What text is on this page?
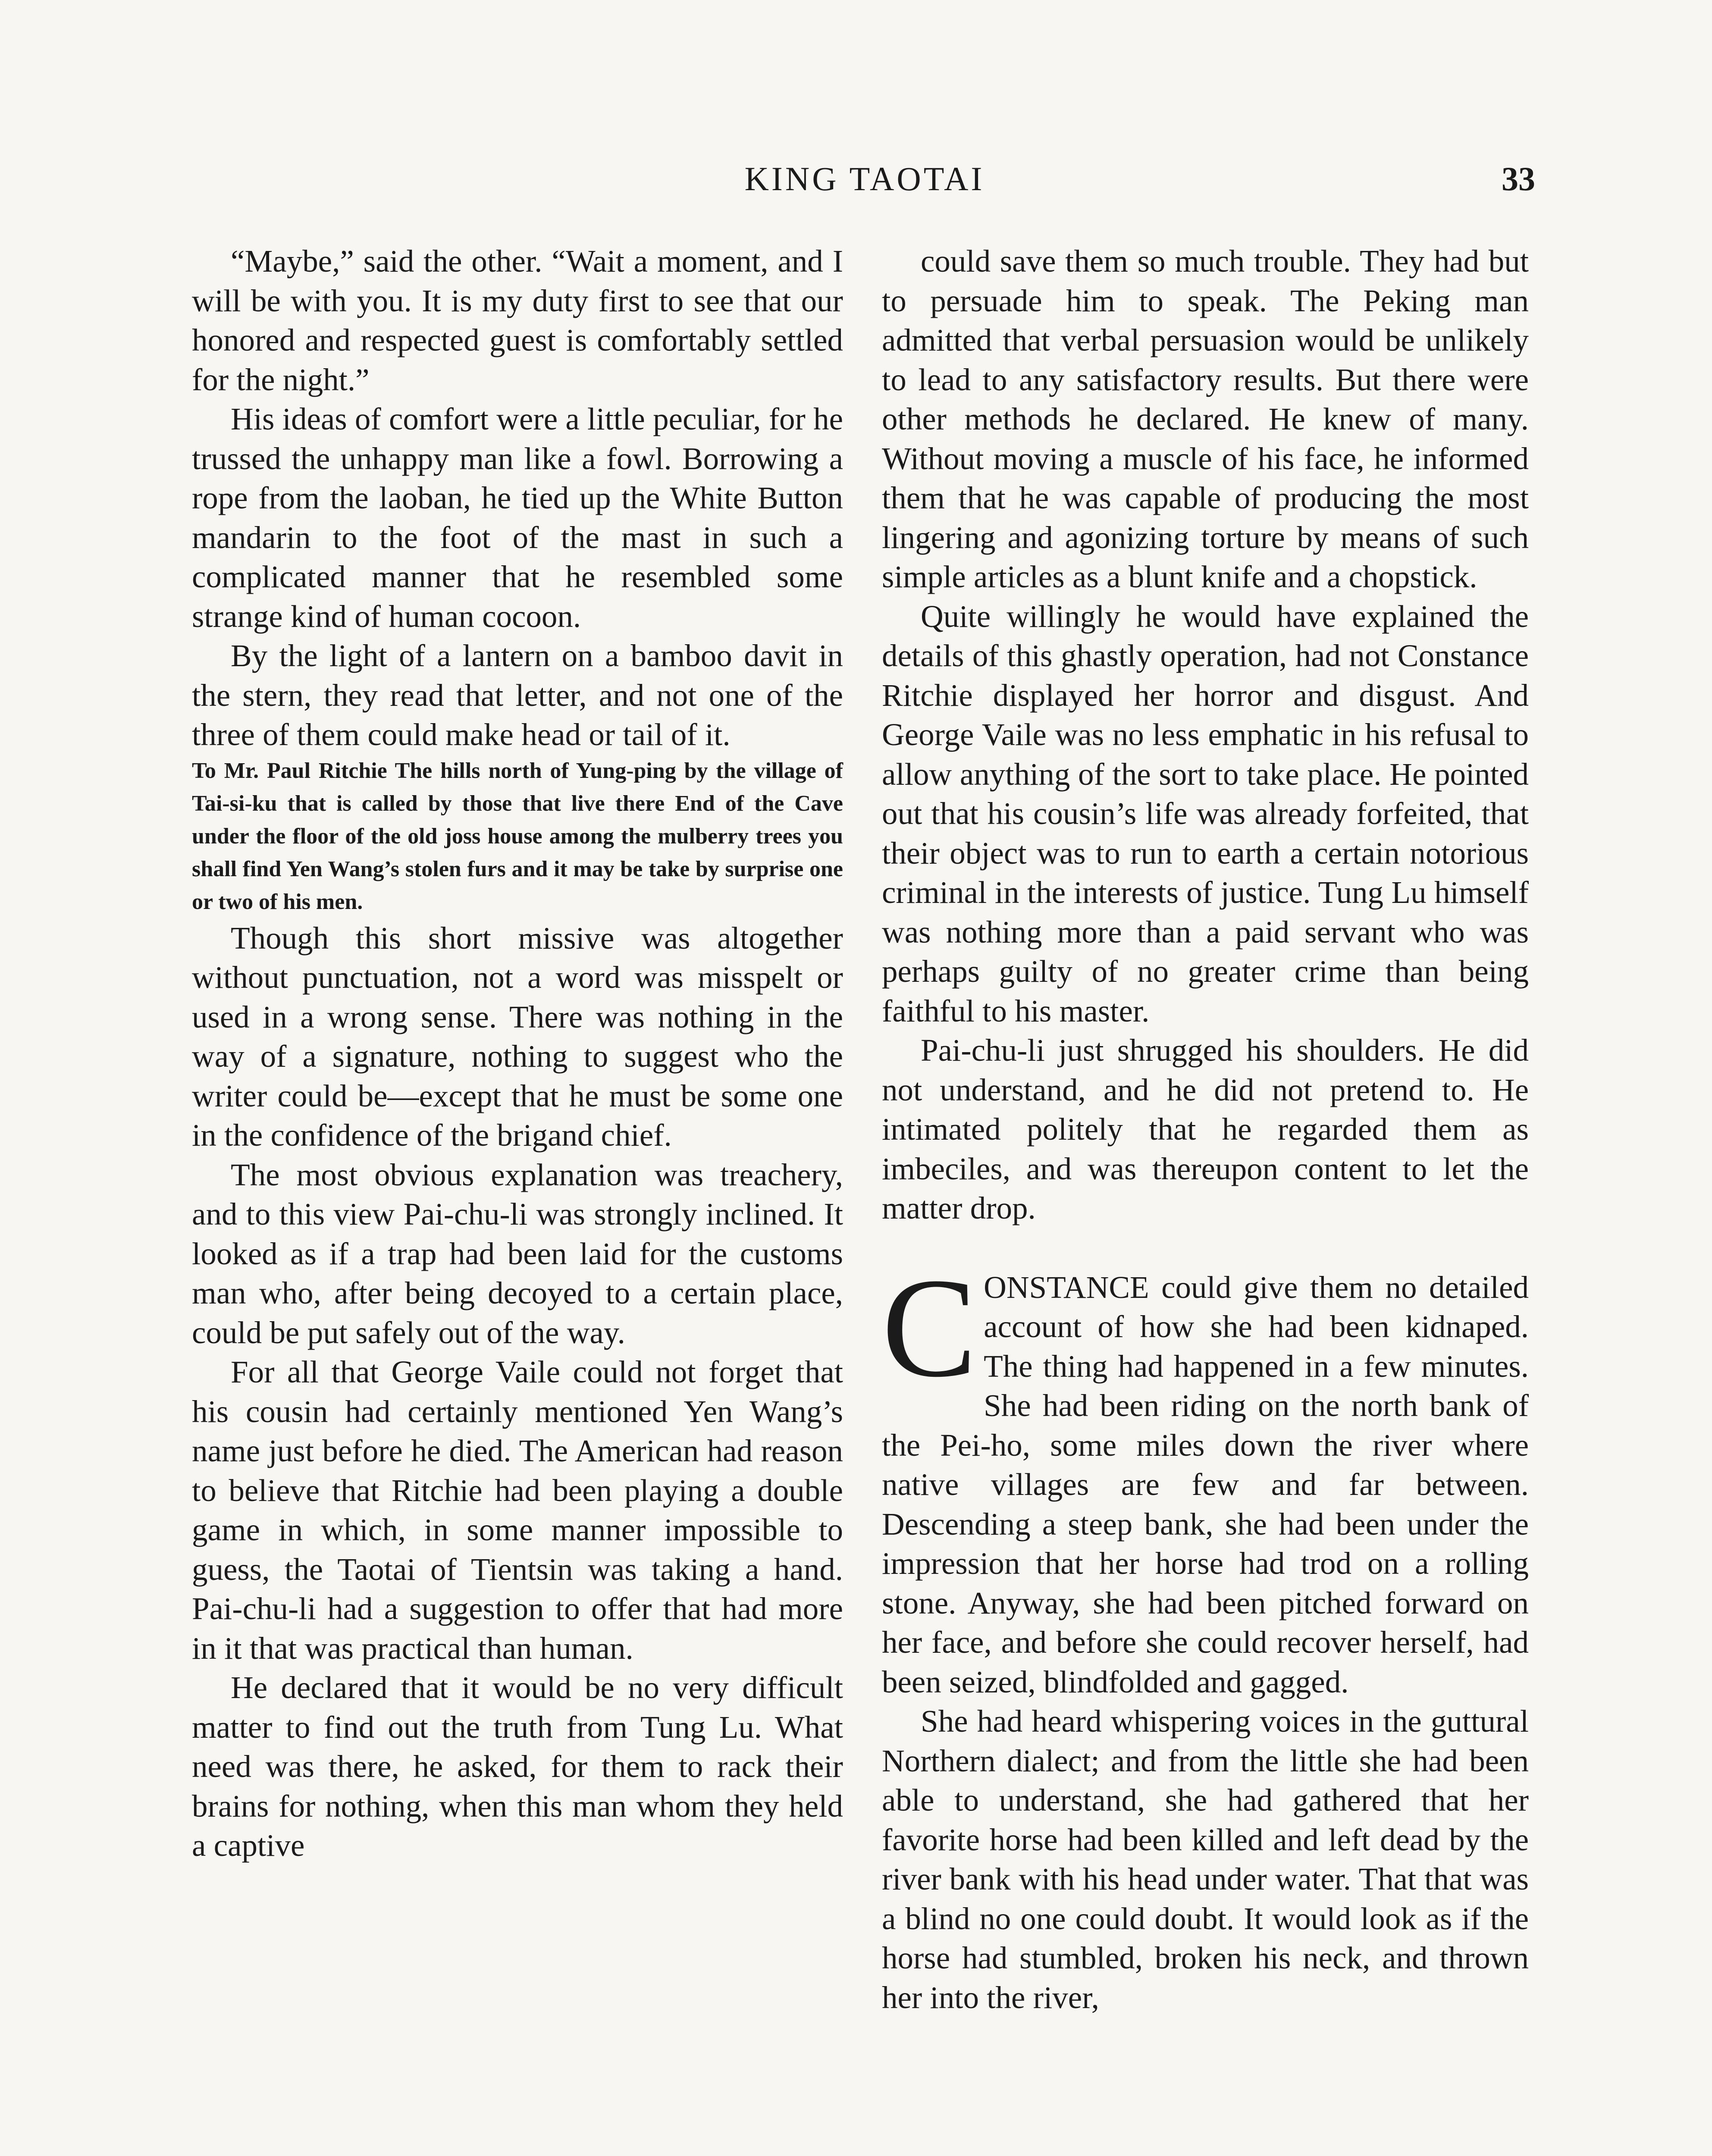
KING TAOTAI	33

“Maybe,” said the other. “Wait a moment, and I will be with you. It is my duty first to see that our honored and respected guest is comfortably settled for the night.”

His ideas of comfort were a little peculiar, for he trussed the unhappy man like a fowl. Borrowing a rope from the laoban, he tied up the White Button mandarin to the foot of the mast in such a complicated manner that he resembled some strange kind of human cocoon.

By the light of a lantern on a bamboo davit in the stern, they read that letter, and not one of the three of them could make head or tail of it.

To Mr. Paul Ritchie The hills north of Yung-ping by the village of Tai-si-ku that is called by those that live there End of the Cave under the floor of the old joss house among the mulberry trees you shall find Yen Wang’s stolen furs and it may be take by surprise one or two of his men.

Though this short missive was altogether without punctuation, not a word was misspelt or used in a wrong sense. There was nothing in the way of a signature, nothing to suggest who the writer could be—except that he must be some one in the confidence of the brigand chief.

The most obvious explanation was treachery, and to this view Pai-chu-li was strongly inclined. It looked as if a trap had been laid for the customs man who, after being decoyed to a certain place, could be put safely out of the way.

For all that George Vaile could not forget that his cousin had certainly mentioned Yen Wang’s name just before he died. The American had reason to believe that Ritchie had been playing a double game in which, in some manner impossible to guess, the Taotai of Tientsin was taking a hand. Pai-chu-li had a suggestion to offer that had more in it that was practical than human.

He declared that it would be no very difficult matter to find out the truth from Tung Lu. What need was there, he asked, for them to rack their brains for nothing, when this man whom they held a captive

could save them so much trouble. They had but to persuade him to speak. The Peking man admitted that verbal persuasion would be unlikely to lead to any satisfactory results. But there were other methods he declared. He knew of many. Without moving a muscle of his face, he informed them that he was capable of producing the most lingering and agonizing torture by means of such simple articles as a blunt knife and a chopstick.

Quite willingly he would have explained the details of this ghastly operation, had not Constance Ritchie displayed her horror and disgust. And George Vaile was no less emphatic in his refusal to allow anything of the sort to take place. He pointed out that his cousin’s life was already forfeited, that their object was to run to earth a certain notorious criminal in the interests of justice. Tung Lu himself was nothing more than a paid servant who was perhaps guilty of no greater crime than being faithful to his master.

Pai-chu-li just shrugged his shoulders. He did not understand, and he did not pretend to. He intimated politely that he regarded them as imbeciles, and was thereupon content to let the matter drop.

C ONSTANCE could give them no detailed account of how she had been kidnaped. The thing had happened in a few minutes. She had been riding on the north bank of the Pei-ho, some miles down the river where native villages are few and far between. Descending a steep bank, she had been under the impression that her horse had trod on a rolling stone. Anyway, she had been pitched forward on her face, and before she could recover herself, had been seized, blindfolded and gagged.

She had heard whispering voices in the guttural Northern dialect; and from the little she had been able to understand, she had gathered that her favorite horse had been killed and left dead by the river bank with his head under water. That that was a blind no one could doubt. It would look as if the horse had stumbled, broken his neck, and thrown her into the river,
